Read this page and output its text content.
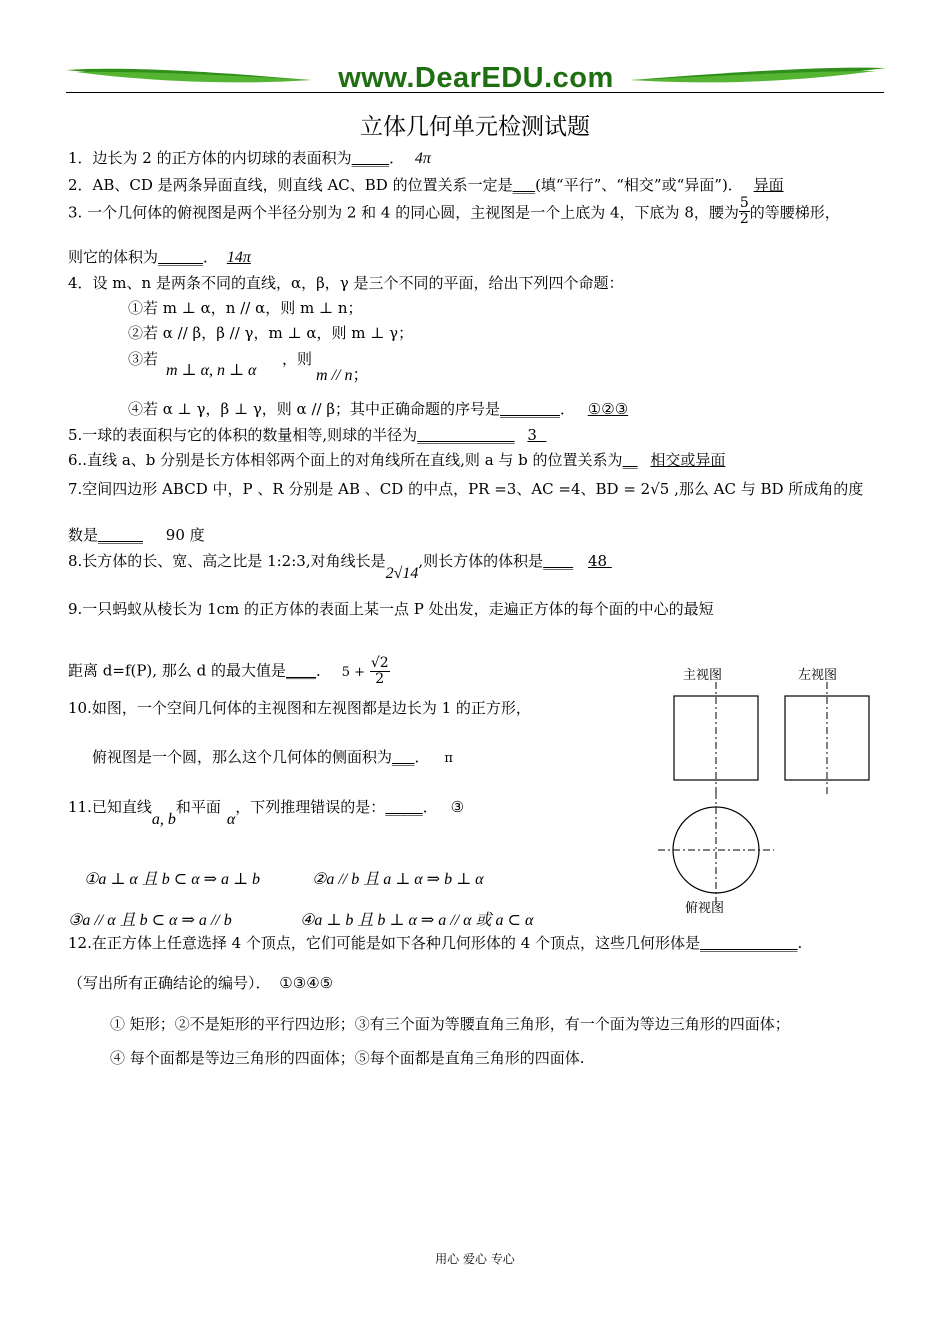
www.DearEDU.com
立体几何单元检测试题
1．边长为 2 的正方体的内切球的表面积为_____． 4π
2．AB、CD 是两条异面直线，则直线 AC、BD 的位置关系一定是___(填“平行”、“相交”或“异面”)． 异面
3. 一个几何体的俯视图是两个半径分别为 2 和 4 的同心圆，主视图是一个上底为 4，下底为 8，腰为 $\frac{5}{2}$ 的等腰梯形，
则它的体积为______． 14π
4．设 m、n 是两条不同的直线，α，β，γ 是三个不同的平面，给出下列四个命题：
①若 m ⊥ α，n // α，则 m ⊥ n；
②若 α // β，β // γ，m ⊥ α，则 m ⊥ γ；
③若
m ⊥ α, n ⊥ α
，则
m // n；
④若 α ⊥ γ，β ⊥ γ，则 α // β；其中正确命题的序号是________． ①②③
5.一球的表面积与它的体积的数量相等,则球的半径为_____________ 3
6..直线 a、b 分别是长方体相邻两个面上的对角线所在直线,则 a 与 b 的位置关系为__ 相交或异面
7.空间四边形 ABCD 中，P 、R 分别是 AB 、CD 的中点，PR =3、AC =4、BD = 2√5 ,那么 AC 与 BD 所成角的度
数是______ 90 度
8.长方体的长、宽、高之比是 1:2:3,对角线长是2√14,则长方体的体积是____ 48
9.一只蚂蚁从棱长为 1cm 的正方体的表面上某一点 P 处出发，走遍正方体的每个面的中心的最短
距离 d=f(P), 那么 d 的最大值是____． $5 + \frac{√2}{2}$
10.如图，一个空间几何体的主视图和左视图都是边长为 1 的正方形，
俯视图是一个圆，那么这个几何体的侧面积为___． π
主视图	左视图
俯视图
11.已知直线a, b和平面α，下列推理错误的是：_____． ③
①a ⊥ α 且 b ⊂ α ⇒ a ⊥ b	②a // b 且 a ⊥ α ⇒ b ⊥ α
③a // α 且 b ⊂ α ⇒ a // b	④a ⊥ b 且 b ⊥ α ⇒ a // α 或 a ⊂ α
12.在正方体上任意选择 4 个顶点，它们可能是如下各种几何形体的 4 个顶点，这些几何形体是_____________.
（写出所有正确结论的编号）． ①③④⑤
① 矩形；②不是矩形的平行四边形；③有三个面为等腰直角三角形，有一个面为等边三角形的四面体；
④ 每个面都是等边三角形的四面体；⑤每个面都是直角三角形的四面体.
用心 爱心 专心
